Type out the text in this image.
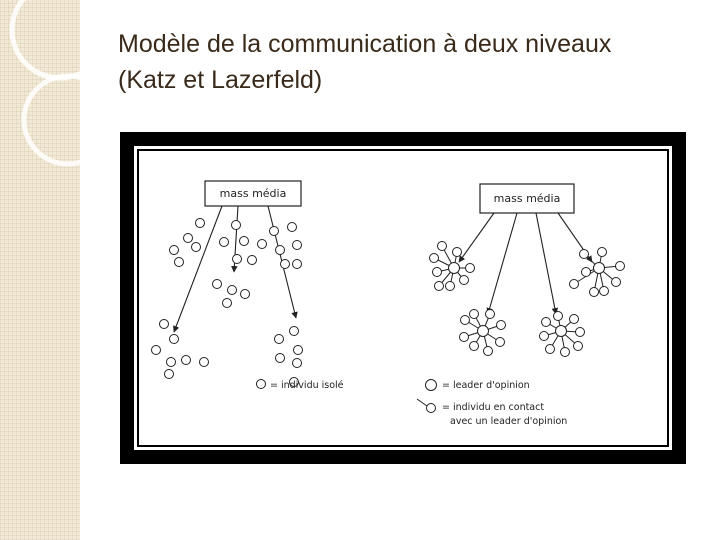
Modèle de la communication à deux niveaux
(Katz et Lazerfeld)
mass média
= individu isolé
mass média
= leader d'opinion
= individu en contact
avec un leader d'opinion
